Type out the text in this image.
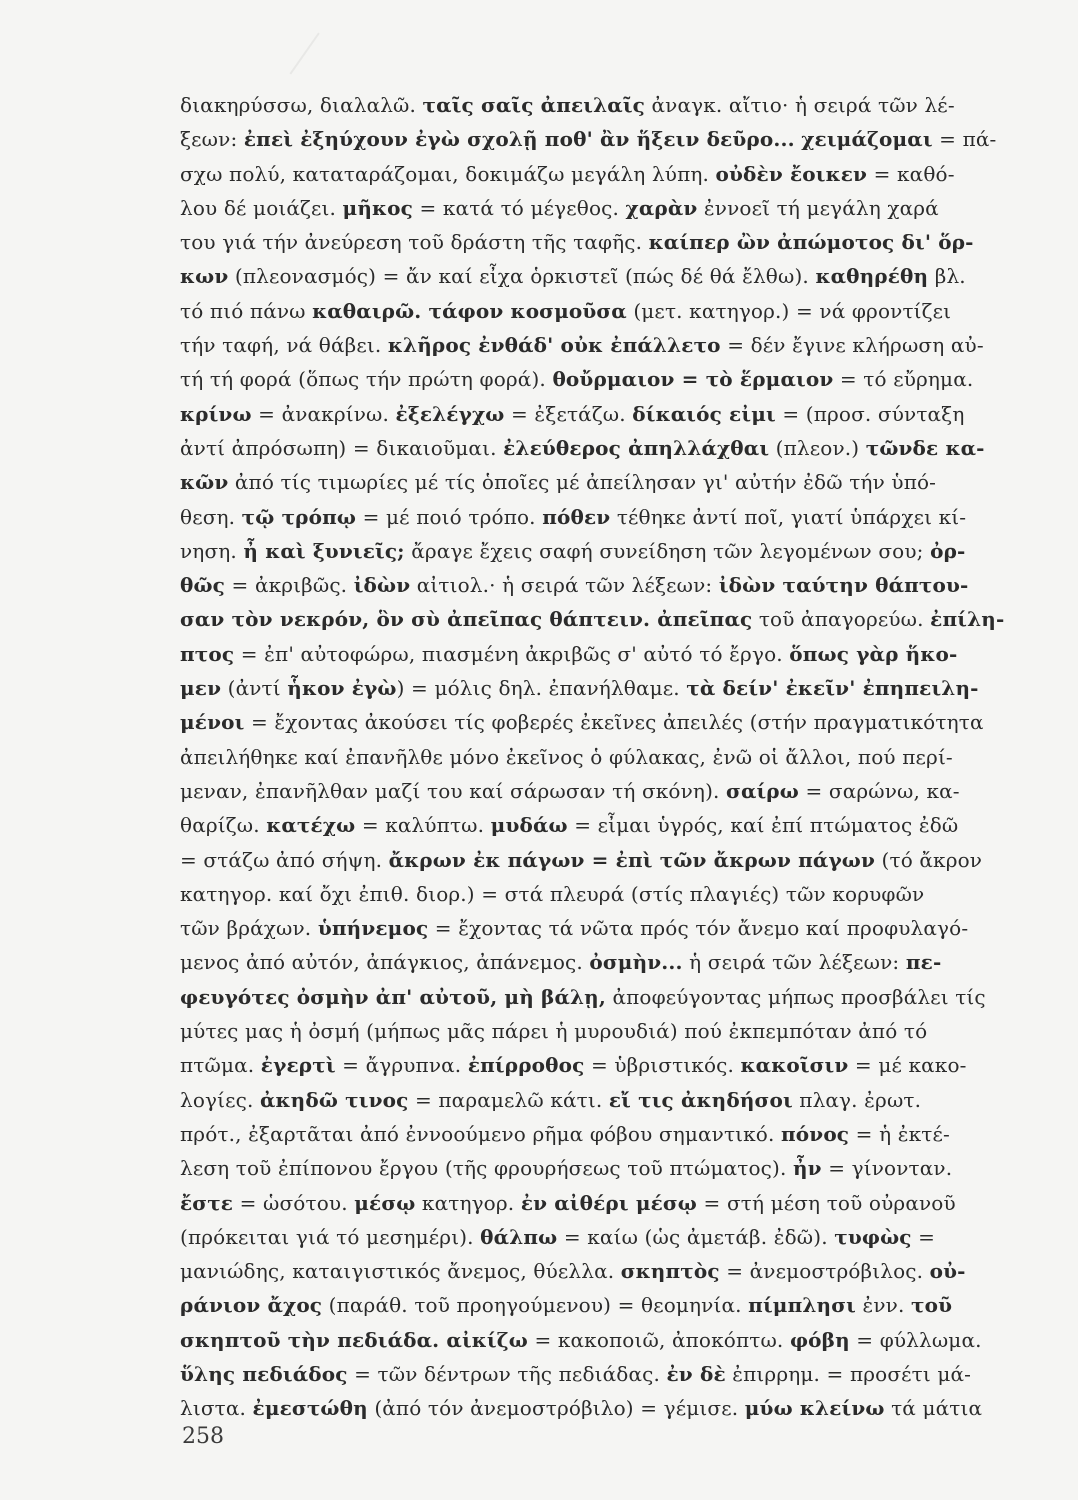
διακηρύσσω, διαλαλῶ. ταῖς σαῖς ἀπειλαῖς ἀναγκ. αἴτιο· ἡ σειρά τῶν λέ-
ξεων: ἐπεὶ ἐξηύχουν ἐγὼ σχολῇ ποθ' ἂν ἥξειν δεῦρο... χειμάζομαι = πά-
σχω πολύ, καταταράζομαι, δοκιμάζω μεγάλη λύπη. οὐδὲν ἔοικεν = καθό-
λου δέ μοιάζει. μῆκος = κατά τό μέγεθος. χαρὰν ἐννοεῖ τή μεγάλη χαρά
του γιά τήν ἀνεύρεση τοῦ δράστη τῆς ταφῆς. καίπερ ὢν ἀπώμοτος δι' ὅρ-
κων (πλεονασμός) = ἄν καί εἶχα ὁρκιστεῖ (πώς δέ θά ἔλθω). καθηρέθη βλ.
τό πιό πάνω καθαιρῶ. τάφον κοσμοῦσα (μετ. κατηγορ.) = νά φροντίζει
τήν ταφή, νά θάβει. κλῆρος ἐνθάδ' οὐκ ἐπάλλετο = δέν ἔγινε κλήρωση αὐ-
τή τή φορά (ὅπως τήν πρώτη φορά). θοὔρμαιον = τὸ ἕρμαιον = τό εὔρημα.
κρίνω = ἀνακρίνω. ἐξελέγχω = ἐξετάζω. δίκαιός εἰμι = (προσ. σύνταξη
ἀντί ἀπρόσωπη) = δικαιοῦμαι. ἐλεύθερος ἀπηλλάχθαι (πλεον.) τῶνδε κα-
κῶν ἀπό τίς τιμωρίες μέ τίς ὁποῖες μέ ἀπείλησαν γι' αὐτήν ἐδῶ τήν ὑπό-
θεση. τῷ τρόπῳ = μέ ποιό τρόπο. πόθεν τέθηκε ἀντί ποῖ, γιατί ὑπάρχει κί-
νηση. ἦ καὶ ξυνιεῖς; ἄραγε ἔχεις σαφή συνείδηση τῶν λεγομένων σου; ὀρ-
θῶς = ἀκριβῶς. ἰδὼν αἰτιολ.· ἡ σειρά τῶν λέξεων: ἰδὼν ταύτην θάπτου-
σαν τὸν νεκρόν, ὃν σὺ ἀπεῖπας θάπτειν. ἀπεῖπας τοῦ ἀπαγορεύω. ἐπίλη-
πτος = ἐπ' αὐτοφώρω, πιασμένη ἀκριβῶς σ' αὐτό τό ἔργο. ὅπως γὰρ ἥκο-
μεν (ἀντί ἧκον ἐγὼ) = μόλις δηλ. ἐπανήλθαμε. τὰ δείν' ἐκεῖν' ἐπηπειλη-
μένοι = ἔχοντας ἀκούσει τίς φοβερές ἐκεῖνες ἀπειλές (στήν πραγματικότητα
ἀπειλήθηκε καί ἐπανῆλθε μόνο ἐκεῖνος ὁ φύλακας, ἐνῶ οἱ ἄλλοι, πού περί-
μεναν, ἐπανῆλθαν μαζί του καί σάρωσαν τή σκόνη). σαίρω = σαρώνω, κα-
θαρίζω. κατέχω = καλύπτω. μυδάω = εἶμαι ὑγρός, καί ἐπί πτώματος ἐδῶ
= στάζω ἀπό σήψη. ἄκρων ἐκ πάγων = ἐπὶ τῶν ἄκρων πάγων (τό ἄκρον
κατηγορ. καί ὄχι ἐπιθ. διορ.) = στά πλευρά (στίς πλαγιές) τῶν κορυφῶν
τῶν βράχων. ὑπήνεμος = ἔχοντας τά νῶτα πρός τόν ἄνεμο καί προφυλαγό-
μενος ἀπό αὐτόν, ἀπάγκιος, ἀπάνεμος. ὀσμὴν... ἡ σειρά τῶν λέξεων: πε-
φευγότες ὀσμὴν ἀπ' αὐτοῦ, μὴ βάλῃ, ἀποφεύγοντας μήπως προσβάλει τίς
μύτες μας ἡ ὀσμή (μήπως μᾶς πάρει ἡ μυρουδιά) πού ἐκπεμπόταν ἀπό τό
πτῶμα. ἐγερτὶ = ἄγρυπνα. ἐπίρροθος = ὑβριστικός. κακοῖσιν = μέ κακο-
λογίες. ἀκηδῶ τινος = παραμελῶ κάτι. εἴ τις ἀκηδήσοι πλαγ. ἐρωτ.
πρότ., ἐξαρτᾶται ἀπό ἐννοούμενο ρῆμα φόβου σημαντικό. πόνος = ἡ ἐκτέ-
λεση τοῦ ἐπίπονου ἔργου (τῆς φρουρήσεως τοῦ πτώματος). ἦν = γίνονταν.
ἔστε = ὡσότου. μέσῳ κατηγορ. ἐν αἰθέρι μέσῳ = στή μέση τοῦ οὐρανοῦ
(πρόκειται γιά τό μεσημέρι). θάλπω = καίω (ὡς ἀμετάβ. ἐδῶ). τυφὼς =
μανιώδης, καταιγιστικός ἄνεμος, θύελλα. σκηπτὸς = ἀνεμοστρόβιλος. οὐ-
ράνιον ἄχος (παράθ. τοῦ προηγούμενου) = θεομηνία. πίμπλησι ἐνν. τοῦ
σκηπτοῦ τὴν πεδιάδα. αἰκίζω = κακοποιῶ, ἀποκόπτω. φόβη = φύλλωμα.
ὕλης πεδιάδος = τῶν δέντρων τῆς πεδιάδας. ἐν δὲ ἐπιρρημ. = προσέτι μά-
λιστα. ἐμεστώθη (ἀπό τόν ἀνεμοστρόβιλο) = γέμισε. μύω κλείνω τά μάτια
258
